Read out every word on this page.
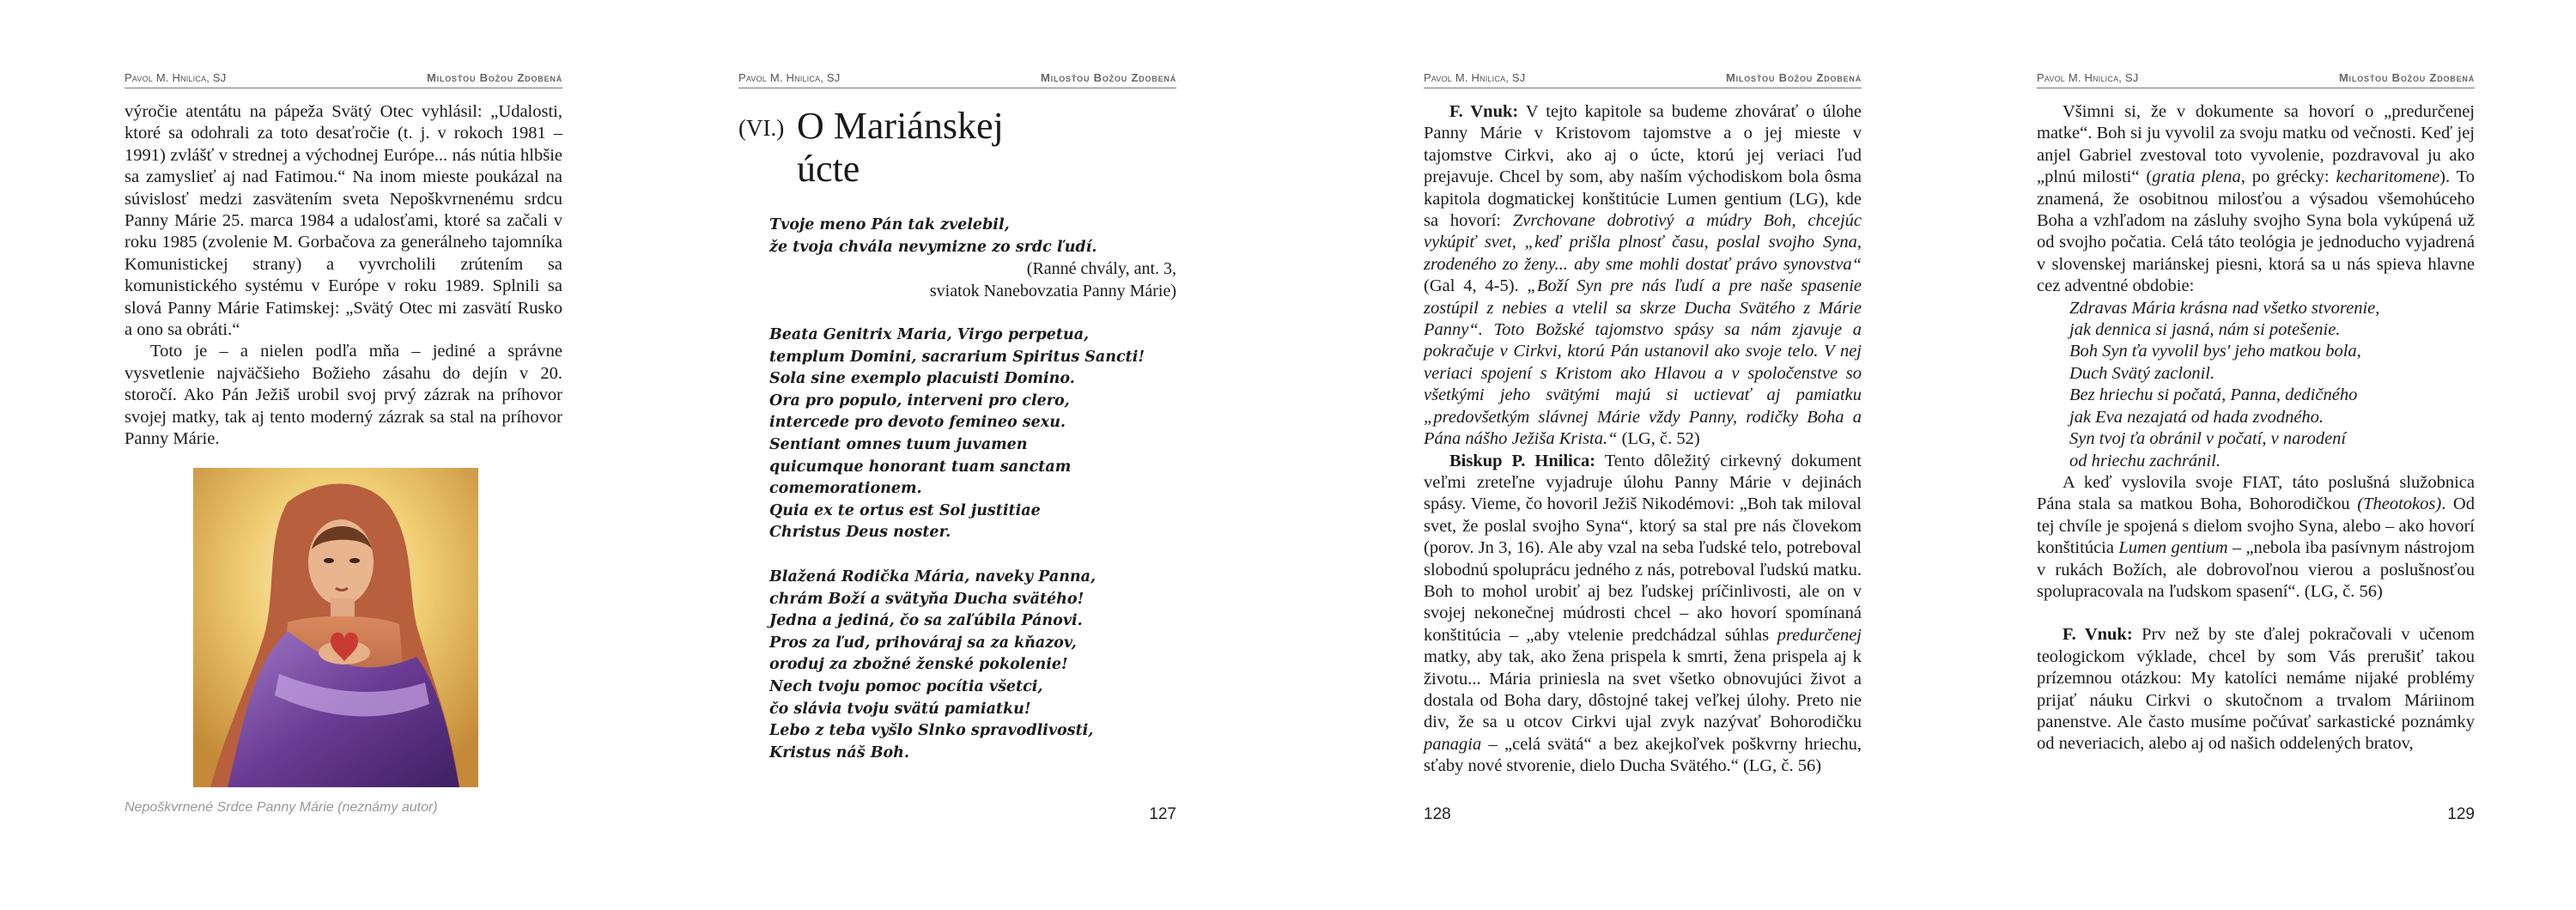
Pavol M. Hnilica, SJ	Milosťou Božou Zdobená

výročie atentátu na pápeža Svätý Otec vyhlásil: „Udalosti, ktoré sa odohrali za toto desaťročie (t. j. v rokoch 1981 – 1991) zvlášť v strednej a východnej Európe... nás nútia hlbšie sa zamyslieť aj nad Fatimou.“ Na inom mieste poukázal na súvislosť medzi zasvätením sveta Nepoškvrnenému srdcu Panny Márie 25. marca 1984 a udalosťami, ktoré sa začali v roku 1985 (zvolenie M. Gorbačova za generálneho tajomníka Komunistickej strany) a vyvrcholili zrútením sa komunistického systému v Európe v roku 1989. Splnili sa slová Panny Márie Fatimskej: „Svätý Otec mi zasvätí Rusko a ono sa obráti.“

Toto je – a nielen podľa mňa – jediné a správne vysvetlenie najväčšieho Božieho zásahu do dejín v 20. storočí. Ako Pán Ježiš urobil svoj prvý zázrak na príhovor svojej matky, tak aj tento moderný zázrak sa stal na príhovor Panny Márie.

Nepoškvrnené Srdce Panny Márie (neznámy autor)
Pavol M. Hnilica, SJ	Milosťou Božou Zdobená
(VI.) O Mariánskej
úcte
Tvoje meno Pán tak zvelebil,
že tvoja chvála nevymizne zo srdc ľudí.
(Ranné chvály, ant. 3,
sviatok Nanebovzatia Panny Márie)
Beata Genitrix Maria, Virgo perpetua,
templum Domini, sacrarium Spiritus Sancti!
Sola sine exemplo placuisti Domino.
Ora pro populo, interveni pro clero,
intercede pro devoto femineo sexu.
Sentiant omnes tuum juvamen
quicumque honorant tuam sanctam
comemorationem.
Quia ex te ortus est Sol justitiae
Christus Deus noster.
Blažená Rodička Mária, naveky Panna,
chrám Boží a svätyňa Ducha svätého!
Jedna a jediná, čo sa zaľúbila Pánovi.
Pros za ľud, prihováraj sa za kňazov,
oroduj za zbožné ženské pokolenie!
Nech tvoju pomoc pocítia všetci,
čo slávia tvoju svätú pamiatku!
Lebo z teba vyšlo Slnko spravodlivosti,
Kristus náš Boh.
127
Pavol M. Hnilica, SJ	Milosťou Božou Zdobená

F. Vnuk: V tejto kapitole sa budeme zhovárať o úlohe Panny Márie v Kristovom tajomstve a o jej mieste v tajomstve Cirkvi, ako aj o úcte, ktorú jej veriaci ľud prejavuje. Chcel by som, aby naším východiskom bola ôsma kapitola dogmatickej konštitúcie Lumen gentium (LG), kde sa hovorí: Zvrchovane dobrotivý a múdry Boh, chcejúc vykúpiť svet, „keď prišla plnosť času, poslal svojho Syna, zrodeného zo ženy... aby sme mohli dostať právo synovstva“ (Gal 4, 4-5). „Boží Syn pre nás ľudí a pre naše spasenie zostúpil z nebies a vtelil sa skrze Ducha Svätého z Márie Panny“. Toto Božské tajomstvo spásy sa nám zjavuje a pokračuje v Cirkvi, ktorú Pán ustanovil ako svoje telo. V nej veriaci spojení s Kristom ako Hlavou a v spoločenstve so všetkými jeho svätými majú si uctievať aj pamiatku „predovšetkým slávnej Márie vždy Panny, rodičky Boha a Pána nášho Ježiša Krista.“ (LG, č. 52)

Biskup P. Hnilica: Tento dôležitý cirkevný dokument veľmi zreteľne vyjadruje úlohu Panny Márie v dejinách spásy. Vieme, čo hovoril Ježiš Nikodémovi: „Boh tak miloval svet, že poslal svojho Syna“, ktorý sa stal pre nás človekom (porov. Jn 3, 16). Ale aby vzal na seba ľudské telo, potreboval slobodnú spoluprácu jedného z nás, potreboval ľudskú matku. Boh to mohol urobiť aj bez ľudskej príčinlivosti, ale on v svojej nekonečnej múdrosti chcel – ako hovorí spomínaná konštitúcia – „aby vtelenie predchádzal súhlas predurčenej matky, aby tak, ako žena prispela k smrti, žena prispela aj k životu... Mária priniesla na svet všetko obnovujúci život a dostala od Boha dary, dôstojné takej veľkej úlohy. Preto nie div, že sa u otcov Cirkvi ujal zvyk nazývať Bohorodičku panagia – „celá svätá“ a bez akejkoľvek poškvrny hriechu, sťaby nové stvorenie, dielo Ducha Svätého.“ (LG, č. 56)

128
Pavol M. Hnilica, SJ	Milosťou Božou Zdobená

Všimni si, že v dokumente sa hovorí o „predurčenej matke“. Boh si ju vyvolil za svoju matku od večnosti. Keď jej anjel Gabriel zvestoval toto vyvolenie, pozdravoval ju ako „plnú milosti“ (gratia plena, po grécky: kecharitomene). To znamená, že osobitnou milosťou a výsadou všemohúceho Boha a vzhľadom na zásluhy svojho Syna bola vykúpená už od svojho počatia. Celá táto teológia je jednoducho vyjadrená v slovenskej mariánskej piesni, ktorá sa u nás spieva hlavne cez adventné obdobie:

Zdravas Mária krásna nad všetko stvorenie,
jak dennica si jasná, nám si potešenie.
Boh Syn ťa vyvolil bys' jeho matkou bola,
Duch Svätý zaclonil.
Bez hriechu si počatá, Panna, dedičného
jak Eva nezajatá od hada zvodného.
Syn tvoj ťa obránil v počatí, v narodení
od hriechu zachránil.

A keď vyslovila svoje FIAT, táto poslušná služobnica Pána stala sa matkou Boha, Bohorodičkou (Theotokos). Od tej chvíle je spojená s dielom svojho Syna, alebo – ako hovorí konštitúcia Lumen gentium – „nebola iba pasívnym nástrojom v rukách Božích, ale dobrovoľnou vierou a poslušnosťou spolupracovala na ľudskom spasení“. (LG, č. 56)

F. Vnuk: Prv než by ste ďalej pokračovali v učenom teologickom výklade, chcel by som Vás prerušiť takou prízemnou otázkou: My katolíci nemáme nijaké problémy prijať náuku Cirkvi o skutočnom a trvalom Máriinom panenstve. Ale často musíme počúvať sarkastické poznámky od neveriacich, alebo aj od našich oddelených bratov,

129
